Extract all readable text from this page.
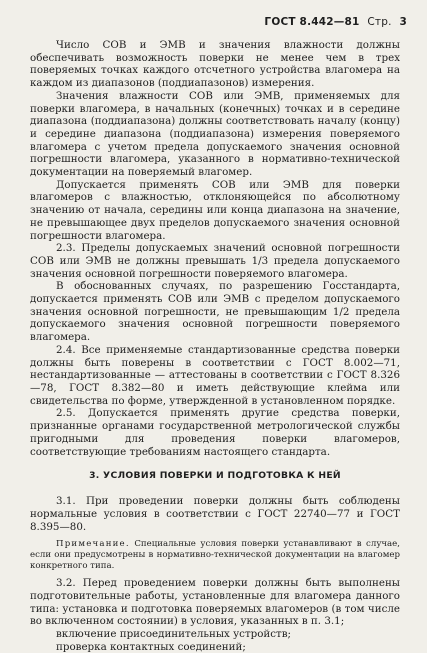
ГОСТ 8.442—81 Стр. 3

Число СОВ и ЭМВ и значения влажности должны обеспечивать возможность поверки не менее чем в трех поверяемых точках каждого отсчетного устройства влагомера на каждом из диапазонов (поддиапазонов) измерения.

Значения влажности СОВ или ЭМВ, применяемых для поверки влагомера, в начальных (конечных) точках и в середине диапазона (поддиапазона) должны соответствовать началу (концу) и середине диапазона (поддиапазона) измерения поверяемого влагомера с учетом предела допускаемого значения основной погрешности влагомера, указанного в нормативно-технической документации на поверяемый влагомер.

Допускается применять СОВ или ЭМВ для поверки влагомеров с влажностью, отклоняющейся по абсолютному значению от начала, середины или конца диапазона на значение, не превышающее двух пределов допускаемого значения основной погрешности влагомера.

2.3. Пределы допускаемых значений основной погрешности СОВ или ЭМВ не должны превышать 1/3 предела допускаемого значения основной погрешности поверяемого влагомера.

В обоснованных случаях, по разрешению Госстандарта, допускается применять СОВ или ЭМВ с пределом допускаемого значения основной погрешности, не превышающим 1/2 предела допускаемого значения основной погрешности поверяемого влагомера.

2.4. Все применяемые стандартизованные средства поверки должны быть поверены в соответствии с ГОСТ 8.002—71, нестандартизованные — аттестованы в соответствии с ГОСТ 8.326—78, ГОСТ 8.382—80 и иметь действующие клейма или свидетельства по форме, утвержденной в установленном порядке.

2.5. Допускается применять другие средства поверки, признанные органами государственной метрологической службы пригодными для проведения поверки влагомеров, соответствующие требованиям настоящего стандарта.

3. УСЛОВИЯ ПОВЕРКИ И ПОДГОТОВКА К НЕЙ

3.1. При проведении поверки должны быть соблюдены нормальные условия в соответствии с ГОСТ 22740—77 и ГОСТ 8.395—80.

Примечание. Специальные условия поверки устанавливают в случае, если они предусмотрены в нормативно-технической документации на влагомер конкретного типа.

3.2. Перед проведением поверки должны быть выполнены подготовительные работы, установленные для влагомера данного типа: установка и подготовка поверяемых влагомеров (в том числе во включенном состоянии) в условия, указанных в п. 3.1;

включение присоединительных устройств;

проверка контактных соединений;
